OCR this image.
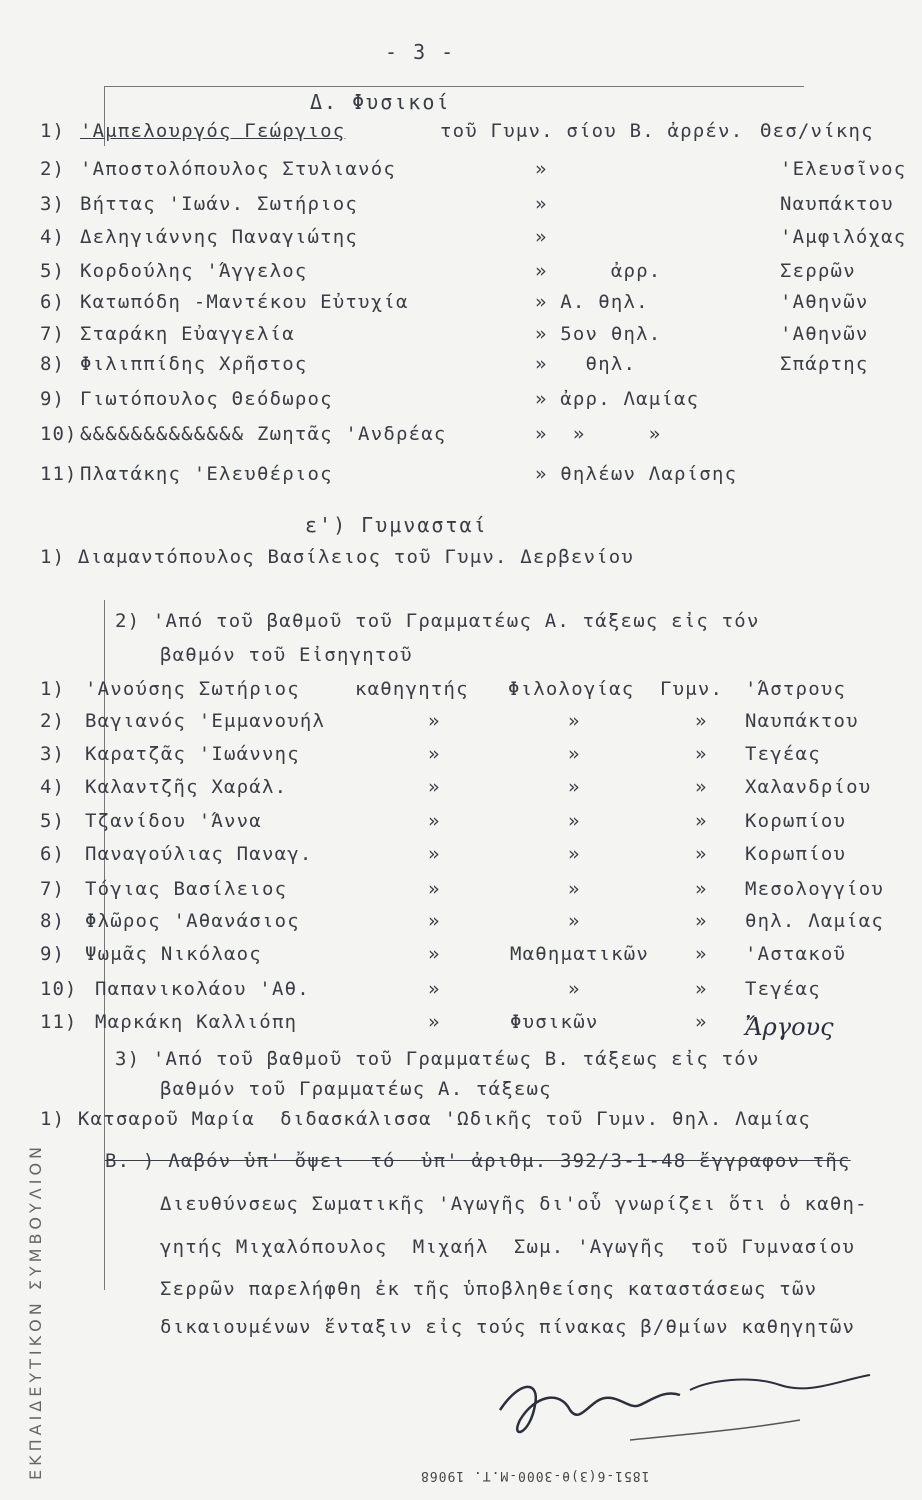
- 3 -
ΕΚΠΑΙΔΕΥΤΙΚΟΝ ΣΥΜΒΟΥΛΙΟΝ
Δ. Φυσικοί
1) 'Αμπελουργός Γεώργιος	τοῦ Γυμν. σίου Β. ἀρρέν. Θεσ/νίκης
2) 'Αποστολόπουλος Στυλιανός	»	'Ελευσῖνος
3) Βήττας 'Ιωάν. Σωτήριος	»	Ναυπάκτου
4) Δεληγιάννης Παναγιώτης	»	'Αμφιλόχας
5) Κορδούλης 'Άγγελος	»     ἀρρ.	Σερρῶν
6) Κατωπόδη -Μαντέκου Εὐτυχία	» Α. θηλ.	'Αθηνῶν
7) Σταράκη Εὐαγγελία	» 5ον θηλ.	'Αθηνῶν
8) Φιλιππίδης Χρῆστος	»   θηλ.	Σπάρτης
9) Γιωτόπουλος Θεόδωρος	» ἀρρ. Λαμίας
10) &&&&&&&&&&&&& Ζωητᾶς 'Ανδρέας	»  »     »
11) Πλατάκης 'Ελευθέριος	» θηλέων Λαρίσης
ε') Γυμνασταί
1) Διαμαντόπουλος Βασίλειος τοῦ Γυμν. Δερβενίου
2) 'Από τοῦ βαθμοῦ τοῦ Γραμματέως Α. τάξεως εἰς τόν
βαθμόν τοῦ Εἰσηγητοῦ
1) 'Ανούσης Σωτήριος	καθηγητής Φιλολογίας Γυμν. 'Άστρους
2) Βαγιανός 'Εμμανουήλ	»	»	» Ναυπάκτου
3) Καρατζᾶς 'Ιωάννης	»	»	» Τεγέας
4) Καλαντζῆς Χαράλ.	»	»	» Χαλανδρίου
5) Τζανίδου 'Άννα	»	»	» Κορωπίου
6) Παναγούλιας Παναγ.	»	»	» Κορωπίου
7) Τόγιας Βασίλειος	»	»	» Μεσολογγίου
8) Φλῶρος 'Αθανάσιος	»	»	» θηλ. Λαμίας
9) Ψωμᾶς Νικόλαος	»	Μαθηματικῶν » 'Αστακοῦ
10) Παπανικολάου 'Αθ.	»	»	» Τεγέας
11) Μαρκάκη Καλλιόπη	»	Φυσικῶν	» Ἄργους
3) 'Από τοῦ βαθμοῦ τοῦ Γραμματέως Β. τάξεως εἰς τόν
βαθμόν τοῦ Γραμματέως Α. τάξεως
1) Κατσαροῦ Μαρία  διδασκάλισσα 'Ωδικῆς τοῦ Γυμν. θηλ. Λαμίας
Β. ) Λαβόν ὑπ' ὄψει  τό  ὑπ' ἀριθμ. 392/3-1-48 ἔγγραφον τῆς
Διευθύνσεως Σωματικῆς 'Αγωγῆς δι'οὗ γνωρίζει ὅτι ὁ καθη-
γητής Μιχαλόπουλος  Μιχαήλ  Σωμ. 'Αγωγῆς  τοῦ Γυμνασίου
Σερρῶν παρελήφθη ἐκ τῆς ὑποβληθείσης καταστάσεως τῶν
δικαιουμένων ἔνταξιν εἰς τούς πίνακας β/θμίων καθηγητῶν
1851-6(3)θ-3000-Μ.Τ. 19068
